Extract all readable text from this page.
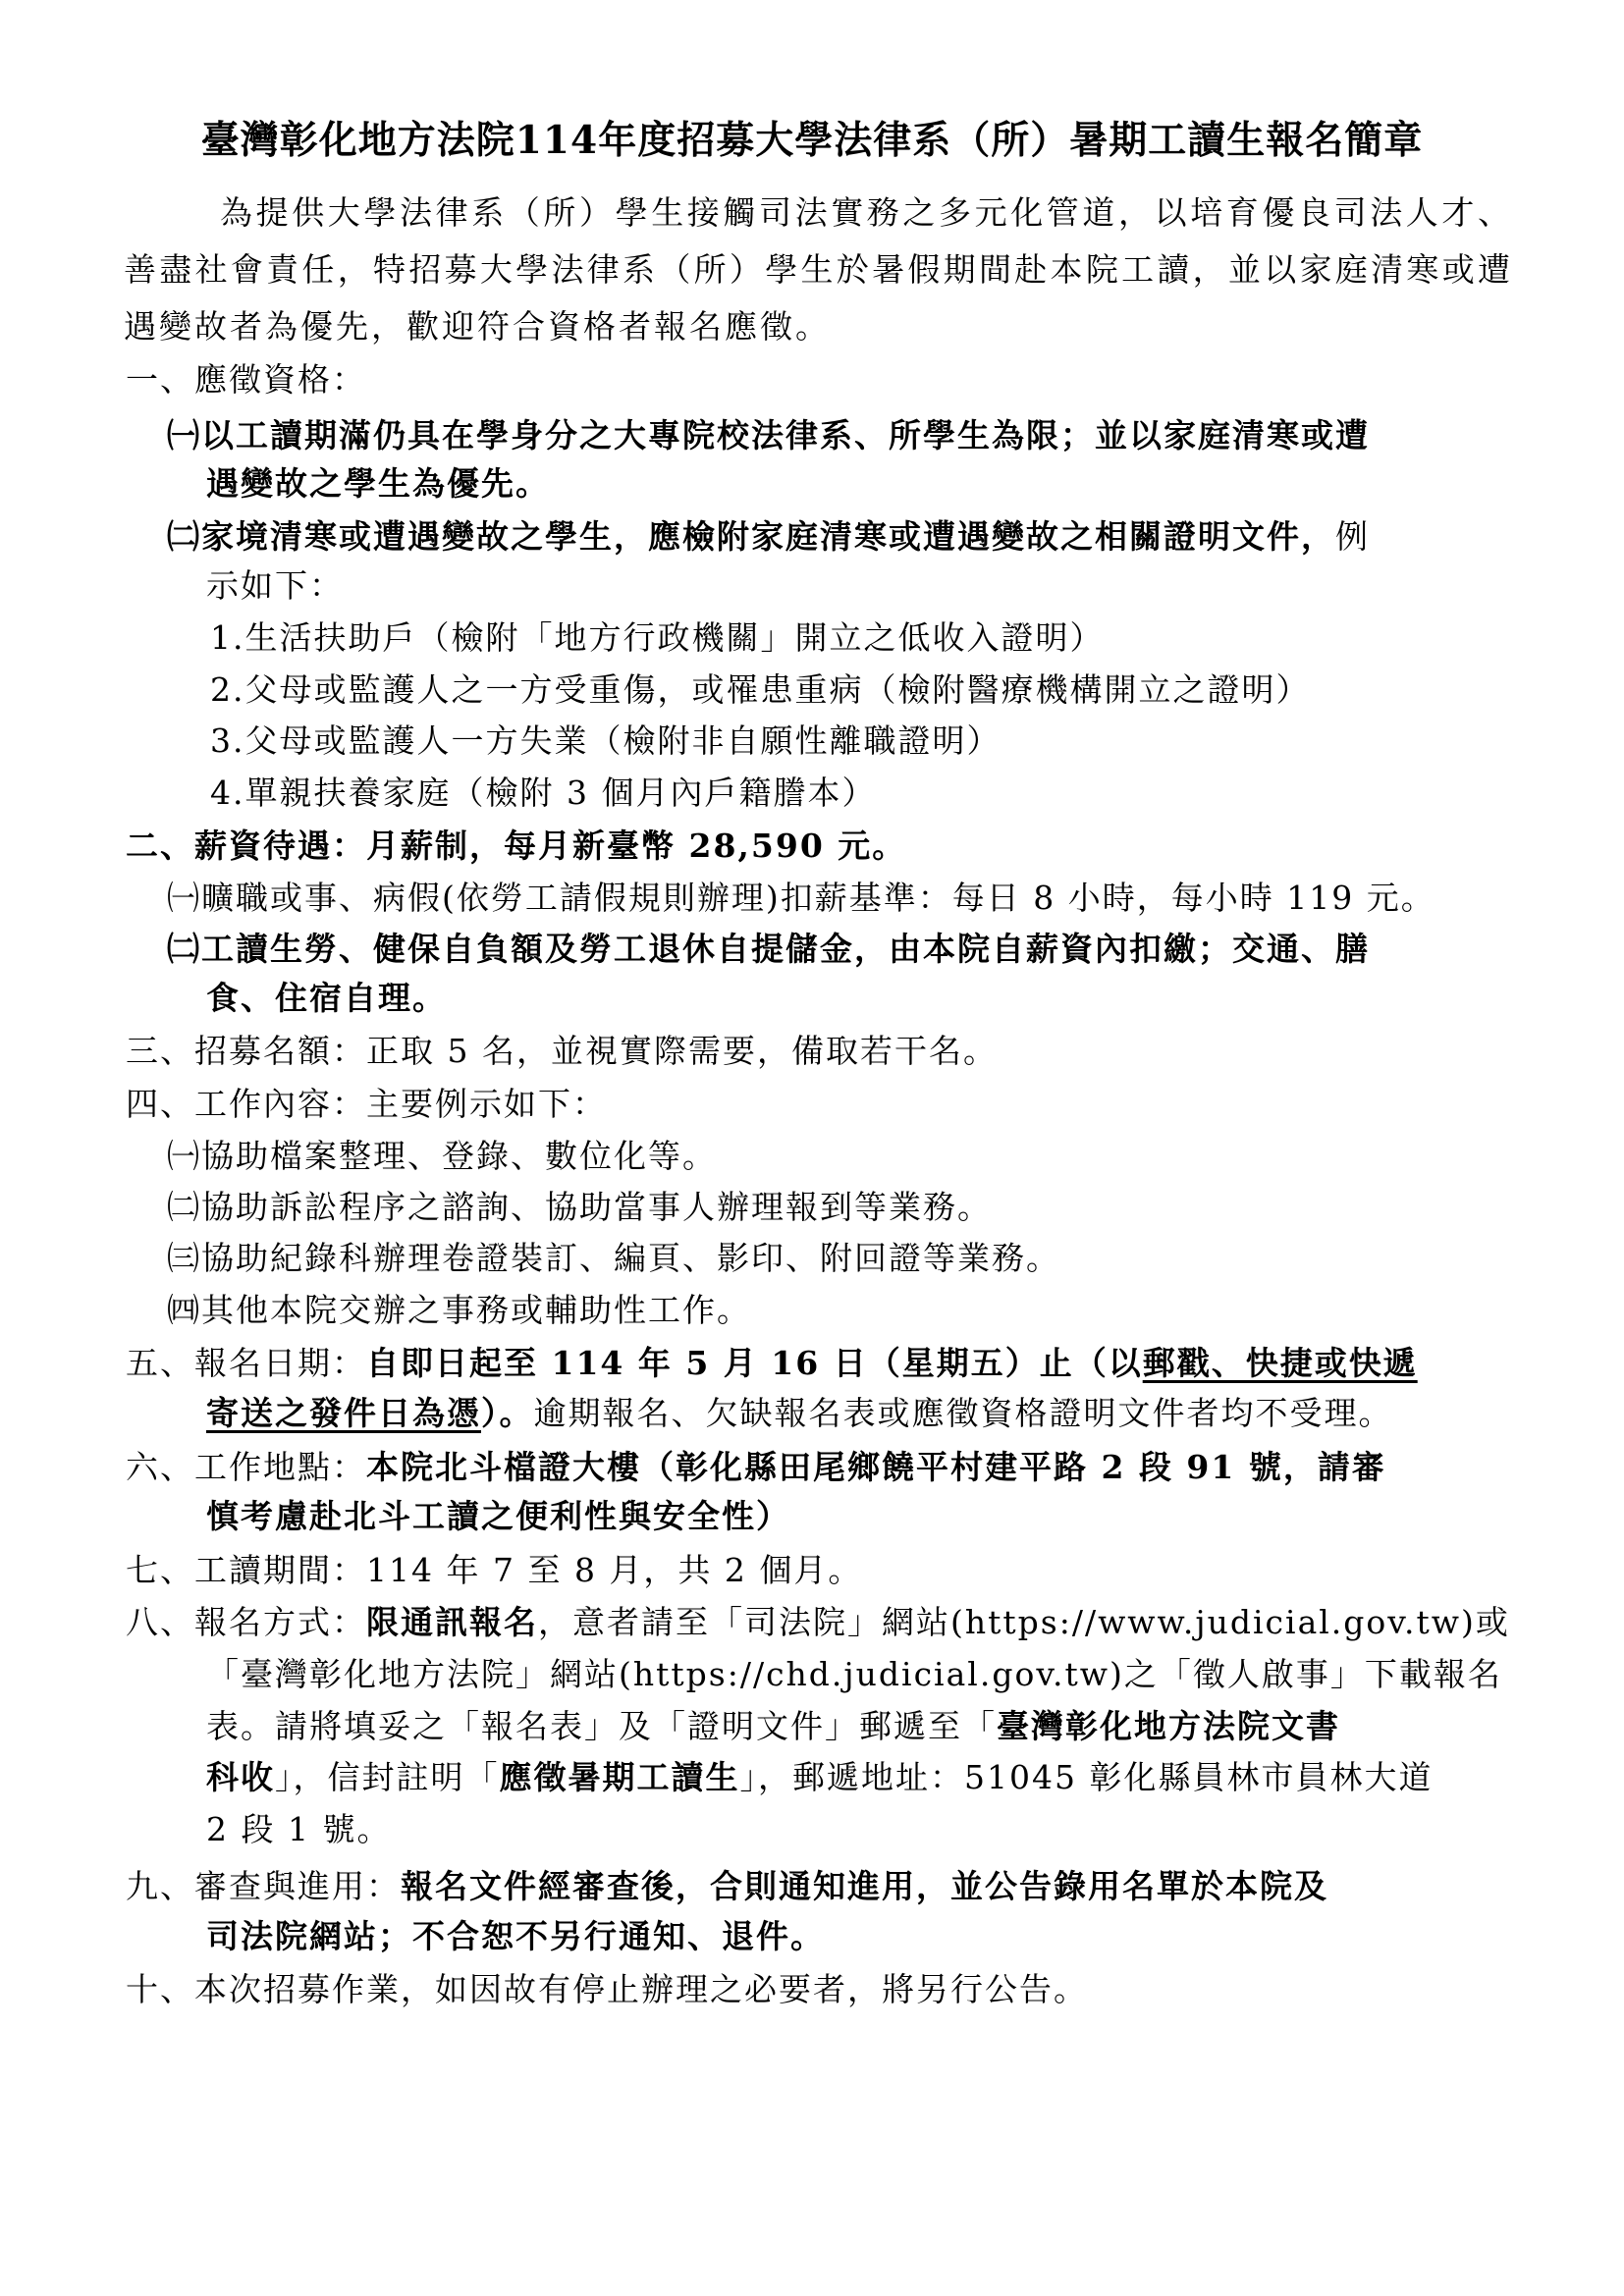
臺灣彰化地方法院114年度招募大學法律系（所）暑期工讀生報名簡章
為提供大學法律系（所）學生接觸司法實務之多元化管道，以培育優良司法人才、善盡社會責任，特招募大學法律系（所）學生於暑假期間赴本院工讀，並以家庭清寒或遭遇變故者為優先，歡迎符合資格者報名應徵。
一、應徵資格：
㈠以工讀期滿仍具在學身分之大專院校法律系、所學生為限；並以家庭清寒或遭
遇變故之學生為優先。
㈡家境清寒或遭遇變故之學生，應檢附家庭清寒或遭遇變故之相關證明文件，例
示如下：
1.生活扶助戶（檢附「地方行政機關」開立之低收入證明）
2.父母或監護人之一方受重傷，或罹患重病（檢附醫療機構開立之證明）
3.父母或監護人一方失業（檢附非自願性離職證明）
4.單親扶養家庭（檢附 3 個月內戶籍謄本）
二、薪資待遇：月薪制，每月新臺幣 28,590 元。
㈠曠職或事、病假(依勞工請假規則辦理)扣薪基準：每日 8 小時，每小時 119 元。
㈡工讀生勞、健保自負額及勞工退休自提儲金，由本院自薪資內扣繳；交通、膳
食、住宿自理。
三、招募名額：正取 5 名，並視實際需要，備取若干名。
四、工作內容：主要例示如下：
㈠協助檔案整理、登錄、數位化等。
㈡協助訴訟程序之諮詢、協助當事人辦理報到等業務。
㈢協助紀錄科辦理卷證裝訂、編頁、影印、附回證等業務。
㈣其他本院交辦之事務或輔助性工作。
五、報名日期：自即日起至 114 年 5 月 16 日（星期五）止（以郵戳、快捷或快遞
寄送之發件日為憑）。逾期報名、欠缺報名表或應徵資格證明文件者均不受理。
六、工作地點：本院北斗檔證大樓（彰化縣田尾鄉饒平村建平路 2 段 91 號，請審
慎考慮赴北斗工讀之便利性與安全性）
七、工讀期間：114 年 7 至 8 月，共 2 個月。
八、報名方式：限通訊報名，意者請至「司法院」網站(https://www.judicial.gov.tw)或
「臺灣彰化地方法院」網站(https://chd.judicial.gov.tw)之「徵人啟事」下載報名
表。請將填妥之「報名表」及「證明文件」郵遞至「臺灣彰化地方法院文書
科收」，信封註明「應徵暑期工讀生」，郵遞地址：51045 彰化縣員林市員林大道
2 段 1 號。
九、審查與進用：報名文件經審查後，合則通知進用，並公告錄用名單於本院及
司法院網站；不合恕不另行通知、退件。
十、本次招募作業，如因故有停止辦理之必要者，將另行公告。
